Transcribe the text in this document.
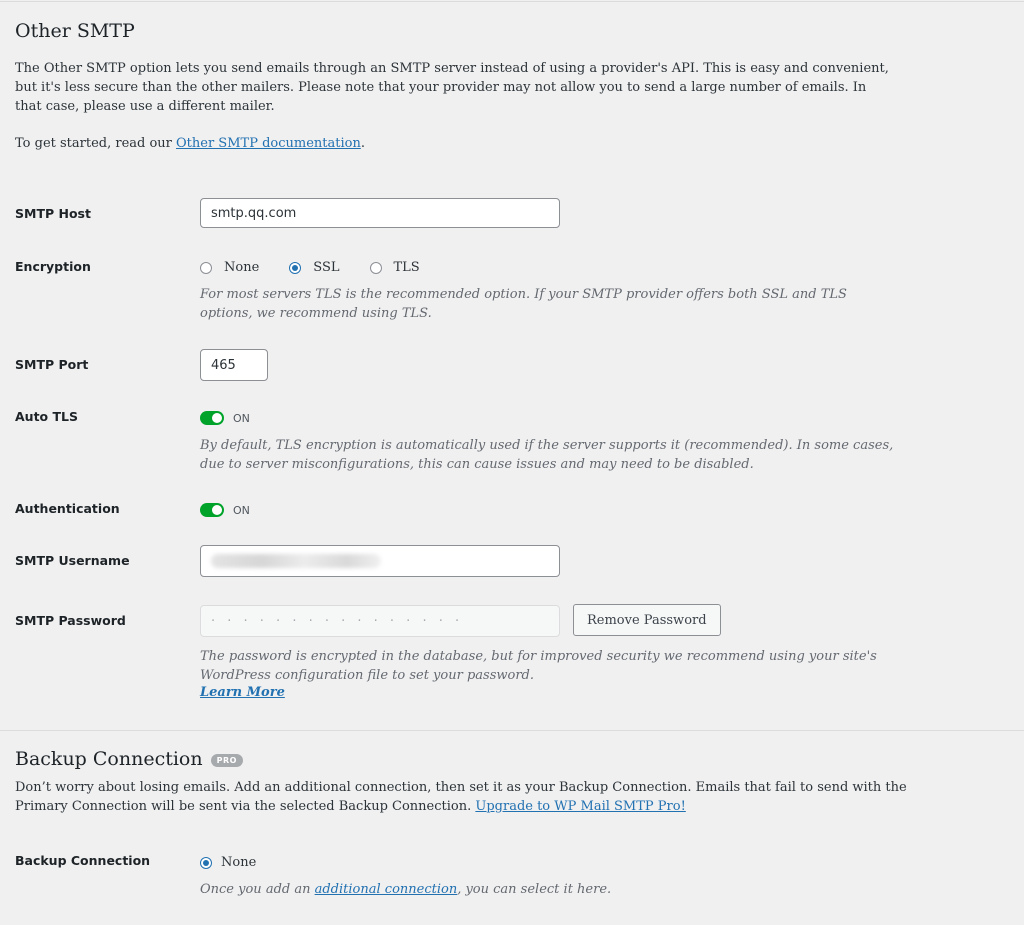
Other SMTP

The Other SMTP option lets you send emails through an SMTP server instead of using a provider's API. This is easy and convenient, but it's less secure than the other mailers. Please note that your provider may not allow you to send a large number of emails. In that case, please use a different mailer.

To get started, read our Other SMTP documentation.

SMTP Host	smtp.qq.com
Encryption	None	SSL	TLS

For most servers TLS is the recommended option. If your SMTP provider offers both SSL and TLS options, we recommend using TLS.

SMTP Port	465
Auto TLS	ON

By default, TLS encryption is automatically used if the server supports it (recommended). In some cases, due to server misconfigurations, this can cause issues and may need to be disabled.

Authentication	ON
SMTP Username
SMTP Password	· · · · · · · · · · · · · · · ·	Remove Password

The password is encrypted in the database, but for improved security we recommend using your site's WordPress configuration file to set your password.

Learn More
Backup Connection PRO

Don’t worry about losing emails. Add an additional connection, then set it as your Backup Connection. Emails that fail to send with the Primary Connection will be sent via the selected Backup Connection. Upgrade to WP Mail SMTP Pro!

Backup Connection	None

Once you add an additional connection, you can select it here.
